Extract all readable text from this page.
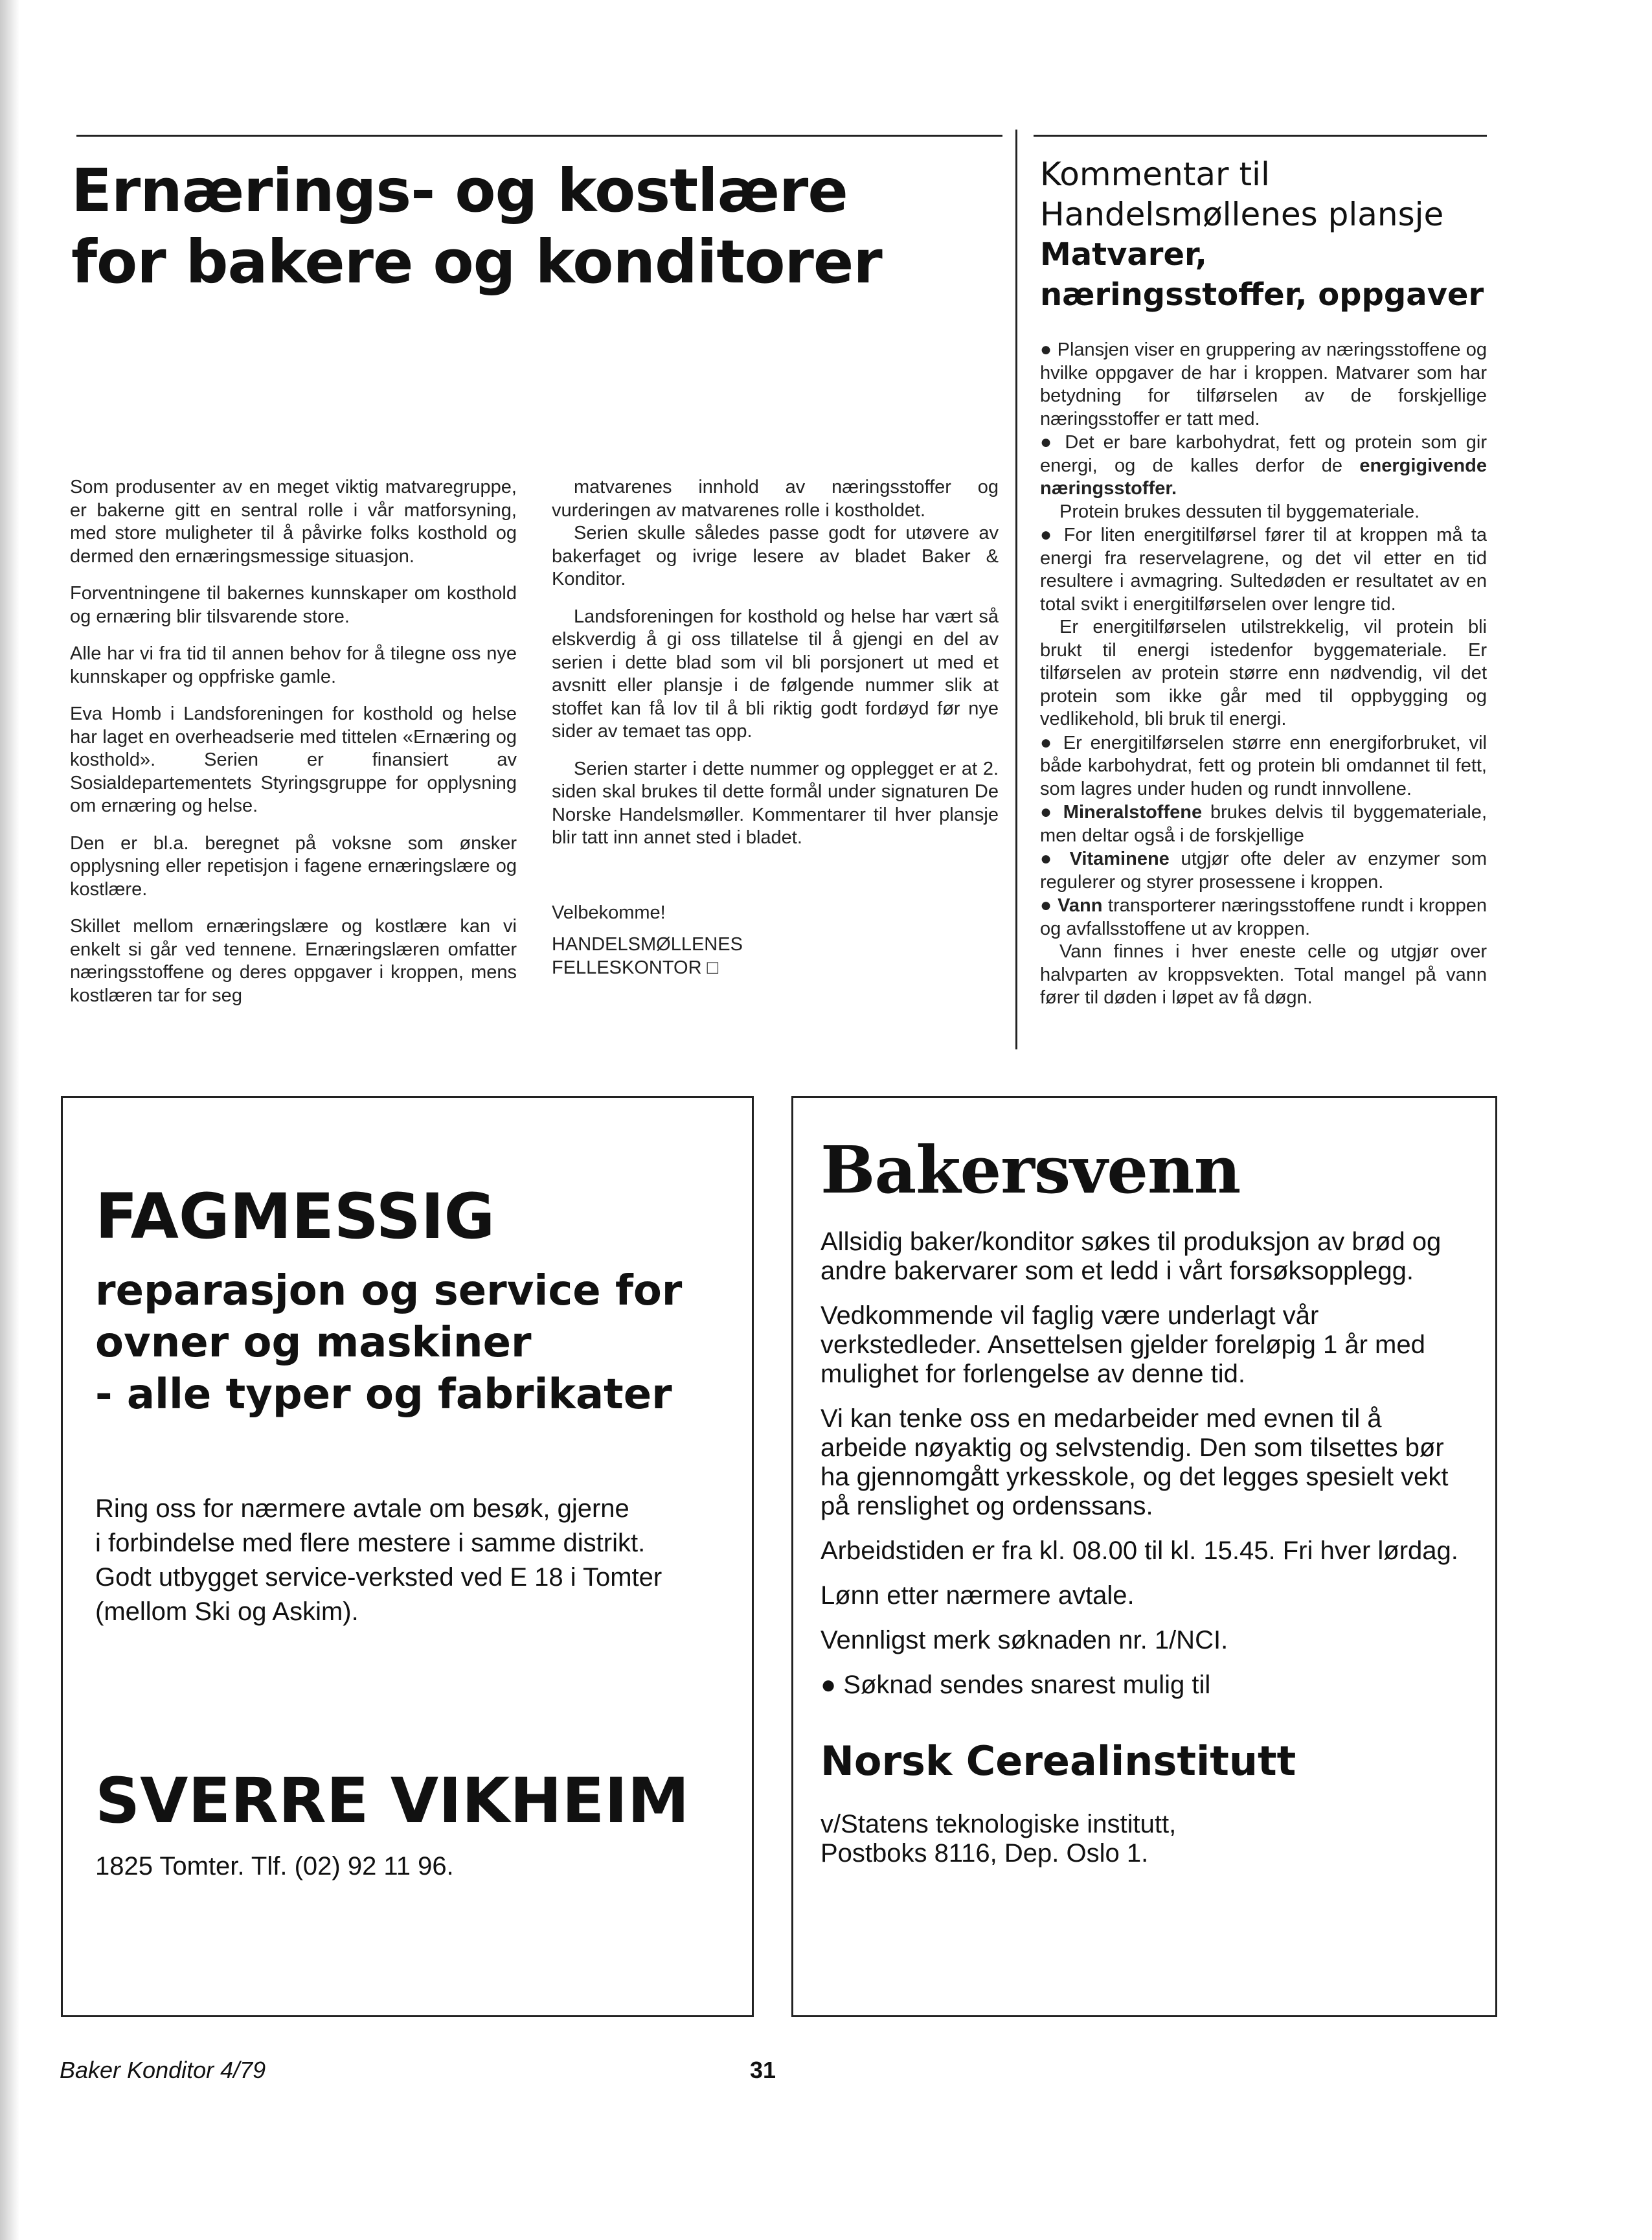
Ernærings- og kostlære
for bakere og konditorer

Som produsenter av en meget viktig matvaregruppe, er bakerne gitt en sentral rolle i vår matforsyning, med store muligheter til å påvirke folks kosthold og dermed den ernæringsmessige situasjon.

Forventningene til bakernes kunnskaper om kosthold og ernæring blir tilsvarende store.

Alle har vi fra tid til annen behov for å tilegne oss nye kunnskaper og oppfriske gamle.

Eva Homb i Landsforeningen for kosthold og helse har laget en overheadserie med tittelen «Ernæring og kosthold». Serien er finansiert av Sosialdepartementets Styringsgruppe for opplysning om ernæring og helse.

Den er bl.a. beregnet på voksne som ønsker opplysning eller repetisjon i fagene ernæringslære og kostlære.

Skillet mellom ernæringslære og kostlære kan vi enkelt si går ved tennene. Ernæringslæren omfatter næringsstoffene og deres oppgaver i kroppen, mens kostlæren tar for seg

matvarenes innhold av næringsstoffer og vurderingen av matvarenes rolle i kostholdet.

Serien skulle således passe godt for utøvere av bakerfaget og ivrige lesere av bladet Baker & Konditor.

Landsforeningen for kosthold og helse har vært så elskverdig å gi oss tillatelse til å gjengi en del av serien i dette blad som vil bli porsjonert ut med et avsnitt eller plansje i de følgende nummer slik at stoffet kan få lov til å bli riktig godt fordøyd før nye sider av temaet tas opp.

Serien starter i dette nummer og opplegget er at 2. siden skal brukes til dette formål under signaturen De Norske Handelsmøller. Kommentarer til hver plansje blir tatt inn annet sted i bladet.

Velbekomme!

HANDELSMØLLENES

FELLESKONTOR □

Kommentar til
Handelsmøllenes plansje
Matvarer,
næringsstoffer, oppgaver

● Plansjen viser en gruppering av næringsstoffene og hvilke oppgaver de har i kroppen. Matvarer som har betydning for tilførselen av de forskjellige næringsstoffer er tatt med.

● Det er bare karbohydrat, fett og protein som gir energi, og de kalles derfor de energigivende næringsstoffer.

Protein brukes dessuten til byggemateriale.

● For liten energitilførsel fører til at kroppen må ta energi fra reservelagrene, og det vil etter en tid resultere i avmagring. Sultedøden er resultatet av en total svikt i energitilførselen over lengre tid.

Er energitilførselen utilstrekkelig, vil protein bli brukt til energi istedenfor byggemateriale. Er tilførselen av protein større enn nødvendig, vil det protein som ikke går med til oppbygging og vedlikehold, bli bruk til energi.

● Er energitilførselen større enn energiforbruket, vil både karbohydrat, fett og protein bli omdannet til fett, som lagres under huden og rundt innvollene.

● Mineralstoffene brukes delvis til byggemateriale, men deltar også i de forskjellige

● Vitaminene utgjør ofte deler av enzymer som regulerer og styrer prosessene i kroppen.

● Vann transporterer næringsstoffene rundt i kroppen og avfallsstoffene ut av kroppen.

Vann finnes i hver eneste celle og utgjør over halvparten av kroppsvekten. Total mangel på vann fører til døden i løpet av få døgn.

FAGMESSIG
reparasjon og service for
ovner og maskiner
- alle typer og fabrikater

Ring oss for nærmere avtale om besøk, gjerne

i forbindelse med flere mestere i samme distrikt.

Godt utbygget service-verksted ved E 18 i Tomter

(mellom Ski og Askim).

SVERRE VIKHEIM
1825 Tomter. Tlf. (02) 92 11 96.
Bakersvenn

Allsidig baker/konditor søkes til produksjon av brød og andre bakervarer som et ledd i vårt forsøksopplegg.

Vedkommende vil faglig være underlagt vår verkstedleder. Ansettelsen gjelder foreløpig 1 år med mulighet for forlengelse av denne tid.

Vi kan tenke oss en medarbeider med evnen til å arbeide nøyaktig og selvstendig. Den som tilsettes bør ha gjennomgått yrkesskole, og det legges spesielt vekt på renslighet og ordenssans.

Arbeidstiden er fra kl. 08.00 til kl. 15.45. Fri hver lørdag.

Lønn etter nærmere avtale.

Vennligst merk søknaden nr. 1/NCI.

● Søknad sendes snarest mulig til

Norsk Cerealinstitutt

v/Statens teknologiske institutt,

Postboks 8116, Dep. Oslo 1.

Baker Konditor 4/79	31
